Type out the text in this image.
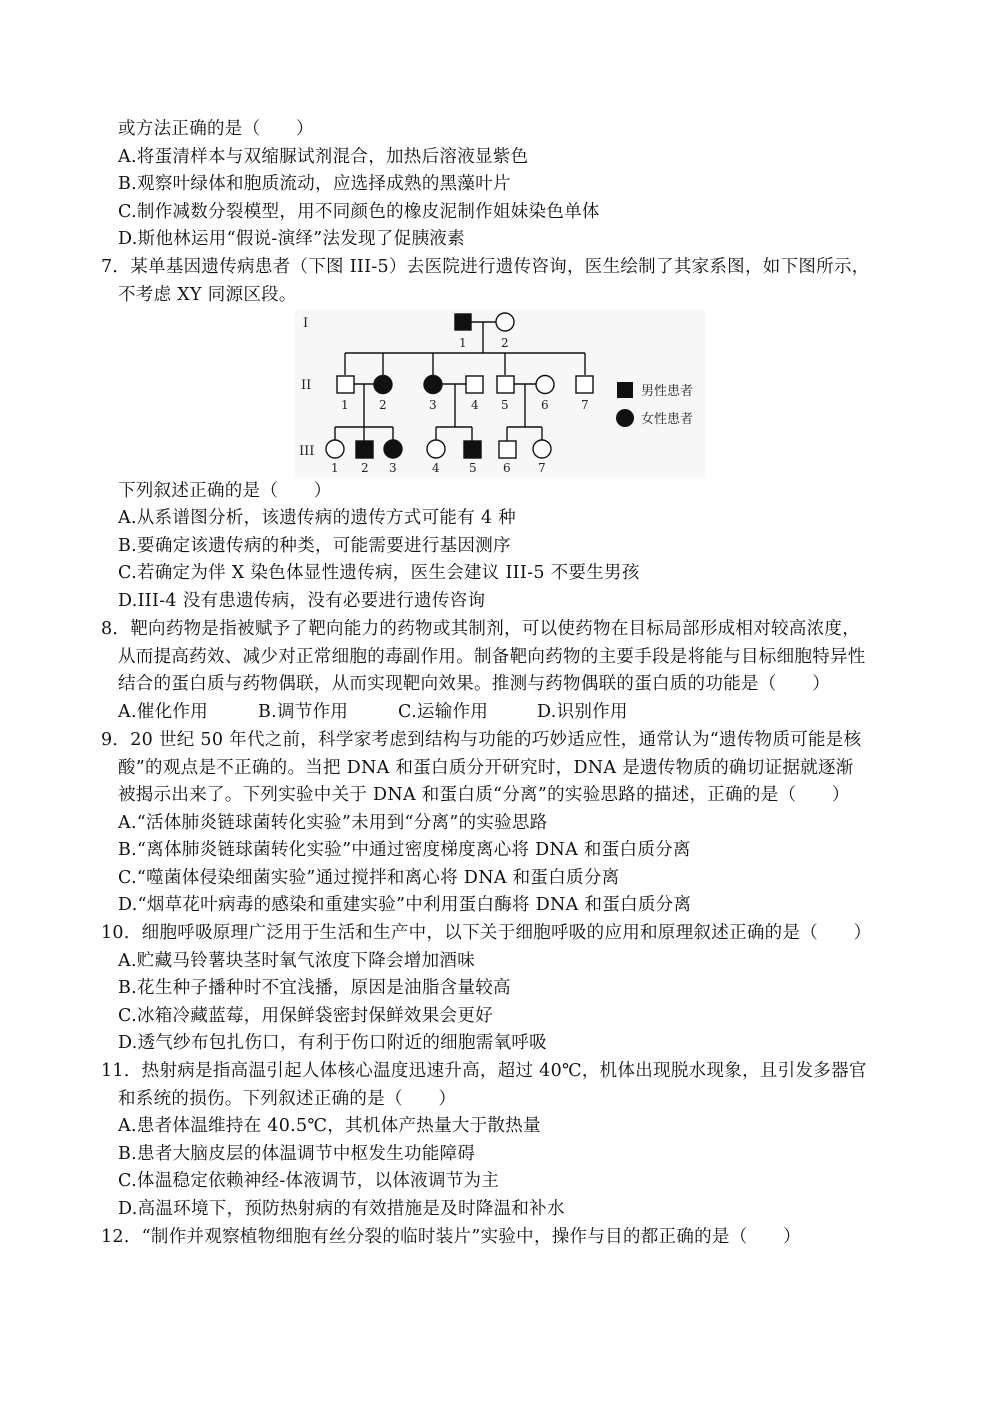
或方法正确的是（　　）
A.将蛋清样本与双缩脲试剂混合，加热后溶液显紫色
B.观察叶绿体和胞质流动，应选择成熟的黑藻叶片
C.制作减数分裂模型，用不同颜色的橡皮泥制作姐妹染色单体
D.斯他林运用“假说-演绎”法发现了促胰液素
7．某单基因遗传病患者（下图 III-5）去医院进行遗传咨询，医生绘制了其家系图，如下图所示，
不考虑 XY 同源区段。
I
II
III
1	2
1	2	3	4 5	6	7
1 2 3	4 5 6 7
男性患者
女性患者
下列叙述正确的是（　　）
A.从系谱图分析，该遗传病的遗传方式可能有 4 种
B.要确定该遗传病的种类，可能需要进行基因测序
C.若确定为伴 X 染色体显性遗传病，医生会建议 III-5 不要生男孩
D.III-4 没有患遗传病，没有必要进行遗传咨询
8．靶向药物是指被赋予了靶向能力的药物或其制剂，可以使药物在目标局部形成相对较高浓度，
从而提高药效、减少对正常细胞的毒副作用。制备靶向药物的主要手段是将能与目标细胞特异性
结合的蛋白质与药物偶联，从而实现靶向效果。推测与药物偶联的蛋白质的功能是（　　）
A.催化作用	B.调节作用	C.运输作用	D.识别作用
9．20 世纪 50 年代之前，科学家考虑到结构与功能的巧妙适应性，通常认为“遗传物质可能是核
酸”的观点是不正确的。当把 DNA 和蛋白质分开研究时，DNA 是遗传物质的确切证据就逐渐
被揭示出来了。下列实验中关于 DNA 和蛋白质“分离”的实验思路的描述，正确的是（　　）
A.“活体肺炎链球菌转化实验”未用到“分离”的实验思路
B.“离体肺炎链球菌转化实验”中通过密度梯度离心将 DNA 和蛋白质分离
C.“噬菌体侵染细菌实验”通过搅拌和离心将 DNA 和蛋白质分离
D.“烟草花叶病毒的感染和重建实验”中利用蛋白酶将 DNA 和蛋白质分离
10．细胞呼吸原理广泛用于生活和生产中，以下关于细胞呼吸的应用和原理叙述正确的是（　　）
A.贮藏马铃薯块茎时氧气浓度下降会增加酒味
B.花生种子播种时不宜浅播，原因是油脂含量较高
C.冰箱冷藏蓝莓，用保鲜袋密封保鲜效果会更好
D.透气纱布包扎伤口，有利于伤口附近的细胞需氧呼吸
11．热射病是指高温引起人体核心温度迅速升高，超过 40℃，机体出现脱水现象，且引发多器官
和系统的损伤。下列叙述正确的是（　　）
A.患者体温维持在 40.5℃，其机体产热量大于散热量
B.患者大脑皮层的体温调节中枢发生功能障碍
C.体温稳定依赖神经-体液调节，以体液调节为主
D.高温环境下，预防热射病的有效措施是及时降温和补水
12．“制作并观察植物细胞有丝分裂的临时装片”实验中，操作与目的都正确的是（　　）
